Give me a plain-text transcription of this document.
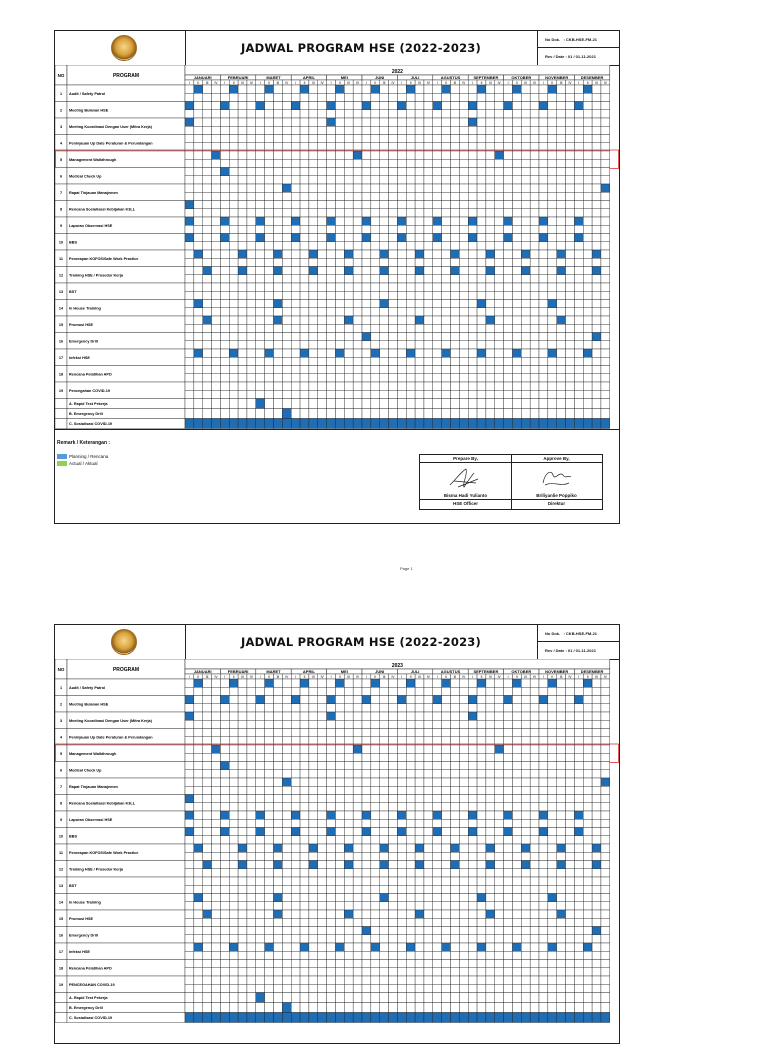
JADWAL PROGRAM HSE (2022-2023)
No Dok. : CKB-HSE-FM-21
Rev / Date : 01 / 01-11-2021
NO	PROGRAM
2022
JANUARI
I II III IV
FEBRUARI
I II III IV
MARET
I II III IV
APRIL
I II III IV
MEI
I II III IV
JUNI
I II III IV
JULI
I II III IV
AGUSTUS
I II III IV
SEPTEMBER
I II III IV
OKTOBER
I II III IV
NOVEMBER
I II III IV
DESEMBER
I II III IV
1 Audit / Safety Patrol
2 Meeting Bulanan HSE
3 Meeting Koordinasi Dengan User (Mitra Kerja)
4 Peninjauan Up Date Peraturan & Perundangan
5 Management Walkthrough
6 Medical Check Up
7 Rapat Tinjauan Manajemen
8 Rencana Sosialisasi Kebijakan K3LL
9 Laporan Observasi HSE
10 BBS
11 Penerapan KOFOS/Safe Work Practice
12 Training HSE / Prosedur Kerja
13 BST
14 In House Training
15 Promosi HSE
16 Emergency Drill
17 Infeksi HSE
18 Rencana Pelatihan APD
19 Pencegahan COVID-19
A. Rapid Test Pekerja
B. Emergency Drill
C. Sosialisasi COVID-19
Remark / Keterangan :
Planning / Rencana
Actual / Aktual
Prepare By,
Bisma Hadi Yulianto
HSE Officer
Approve By,
Briliyanlie Poppiko
Direktur
Page 1
JADWAL PROGRAM HSE (2022-2023)
No Dok. : CKB-HSE-FM-21
Rev / Date : 01 / 01-11-2021
NO	PROGRAM
2023
JANUARI
I II III IV
FEBRUARI
I II III IV
MARET
I II III IV
APRIL
I II III IV
MEI
I II III IV
JUNI
I II III IV
JULI
I II III IV
AGUSTUS
I II III IV
SEPTEMBER
I II III IV
OKTOBER
I II III IV
NOVEMBER
I II III IV
DESEMBER
I II III IV
1 Audit / Safety Patrol
2 Meeting Bulanan HSE
3 Meeting Koordinasi Dengan User (Mitra Kerja)
4 Peninjauan Up Date Peraturan & Perundangan
5 Management Walkthrough
6 Medical Check Up
7 Rapat Tinjauan Manajemen
8 Rencana Sosialisasi Kebijakan K3LL
9 Laporan Observasi HSE
10 BBS
11 Penerapan KOFOS/Safe Work Practice
12 Training HSE / Prosedur Kerja
13 BST
14 In House Training
15 Promosi HSE
16 Emergency Drill
17 Infeksi HSE
18 Rencana Pelatihan APD
19 PENCEGAHAN COVID-19
A. Rapid Test Pekerja
B. Emergency Drill
C. Sosialisasi COVID-19
